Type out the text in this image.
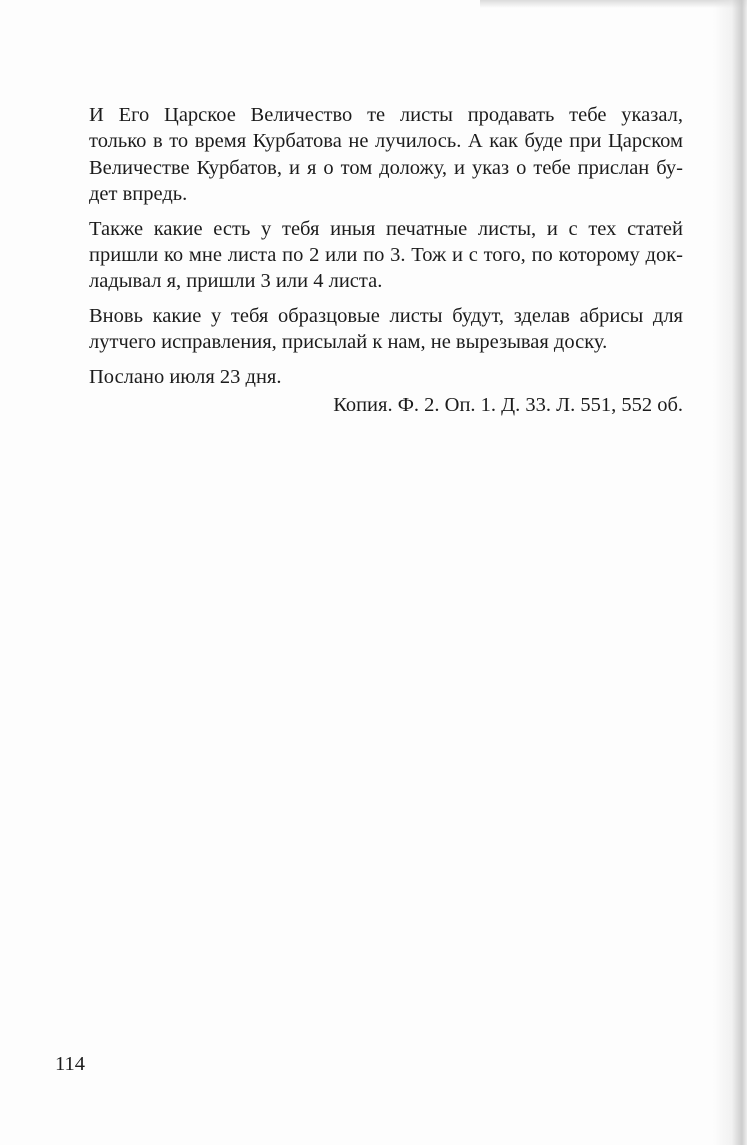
И Его Царское Величество те листы продавать тебе указал,
только в то время Курбатова не лучилось. А как буде при Царском
Величестве Курбатов, и я о том доложу, и указ о тебе прислан бу-
дет впредь.

Также какие есть у тебя иныя печатные листы, и с тех статей
пришли ко мне листа по 2 или по 3. Тож и с того, по которому док-
ладывал я, пришли 3 или 4 листа.

Вновь какие у тебя образцовые листы будут, зделав абрисы для
лутчего исправления, присылай к нам, не вырезывая доску.

Послано июля 23 дня.

Копия. Ф. 2. Оп. 1. Д. 33. Л. 551, 552 об.

114
